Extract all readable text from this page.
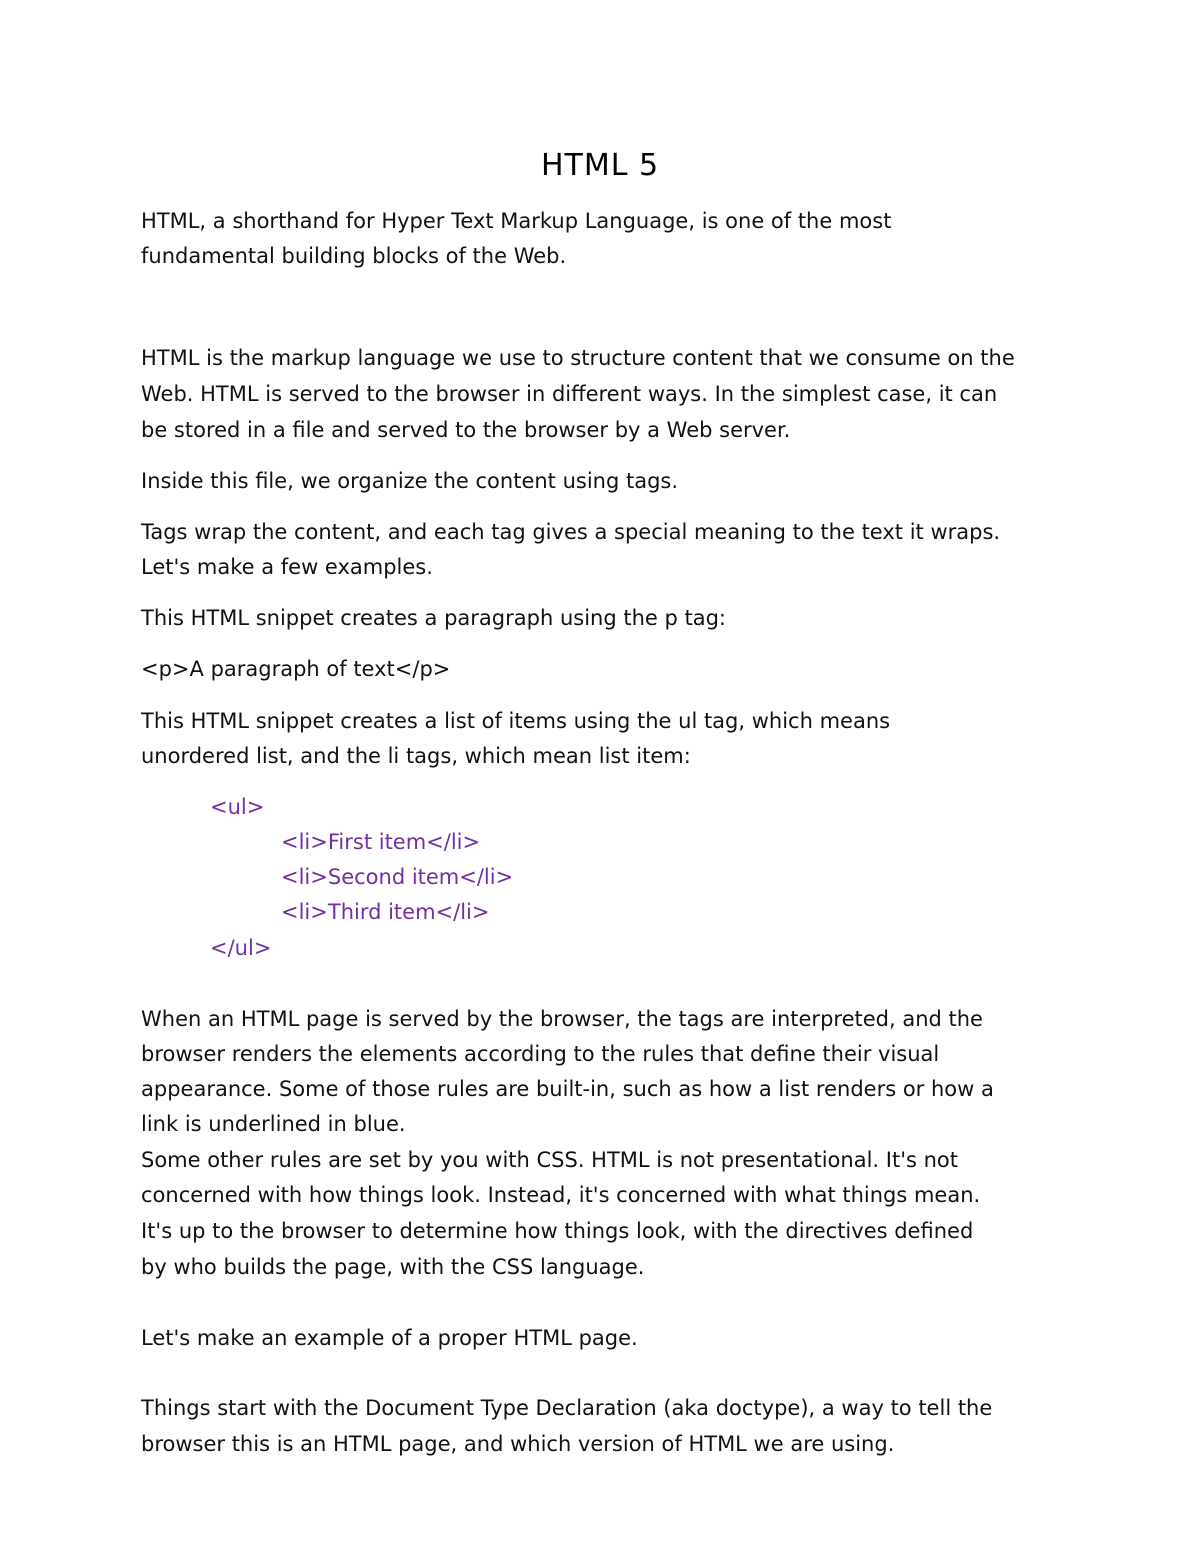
HTML 5
HTML, a shorthand for Hyper Text Markup Language, is one of the most
fundamental building blocks of the Web.
HTML is the markup language we use to structure content that we consume on the
Web. HTML is served to the browser in different ways. In the simplest case, it can
be stored in a file and served to the browser by a Web server.
Inside this file, we organize the content using tags.
Tags wrap the content, and each tag gives a special meaning to the text it wraps.
Let's make a few examples.
This HTML snippet creates a paragraph using the p tag:
<p>A paragraph of text</p>
This HTML snippet creates a list of items using the ul tag, which means
unordered list, and the li tags, which mean list item:
<ul>
<li>First item</li>
<li>Second item</li>
<li>Third item</li>
</ul>
When an HTML page is served by the browser, the tags are interpreted, and the
browser renders the elements according to the rules that define their visual
appearance. Some of those rules are built-in, such as how a list renders or how a
link is underlined in blue.
Some other rules are set by you with CSS. HTML is not presentational. It's not
concerned with how things look. Instead, it's concerned with what things mean.
It's up to the browser to determine how things look, with the directives defined
by who builds the page, with the CSS language.
Let's make an example of a proper HTML page.
Things start with the Document Type Declaration (aka doctype), a way to tell the
browser this is an HTML page, and which version of HTML we are using.
